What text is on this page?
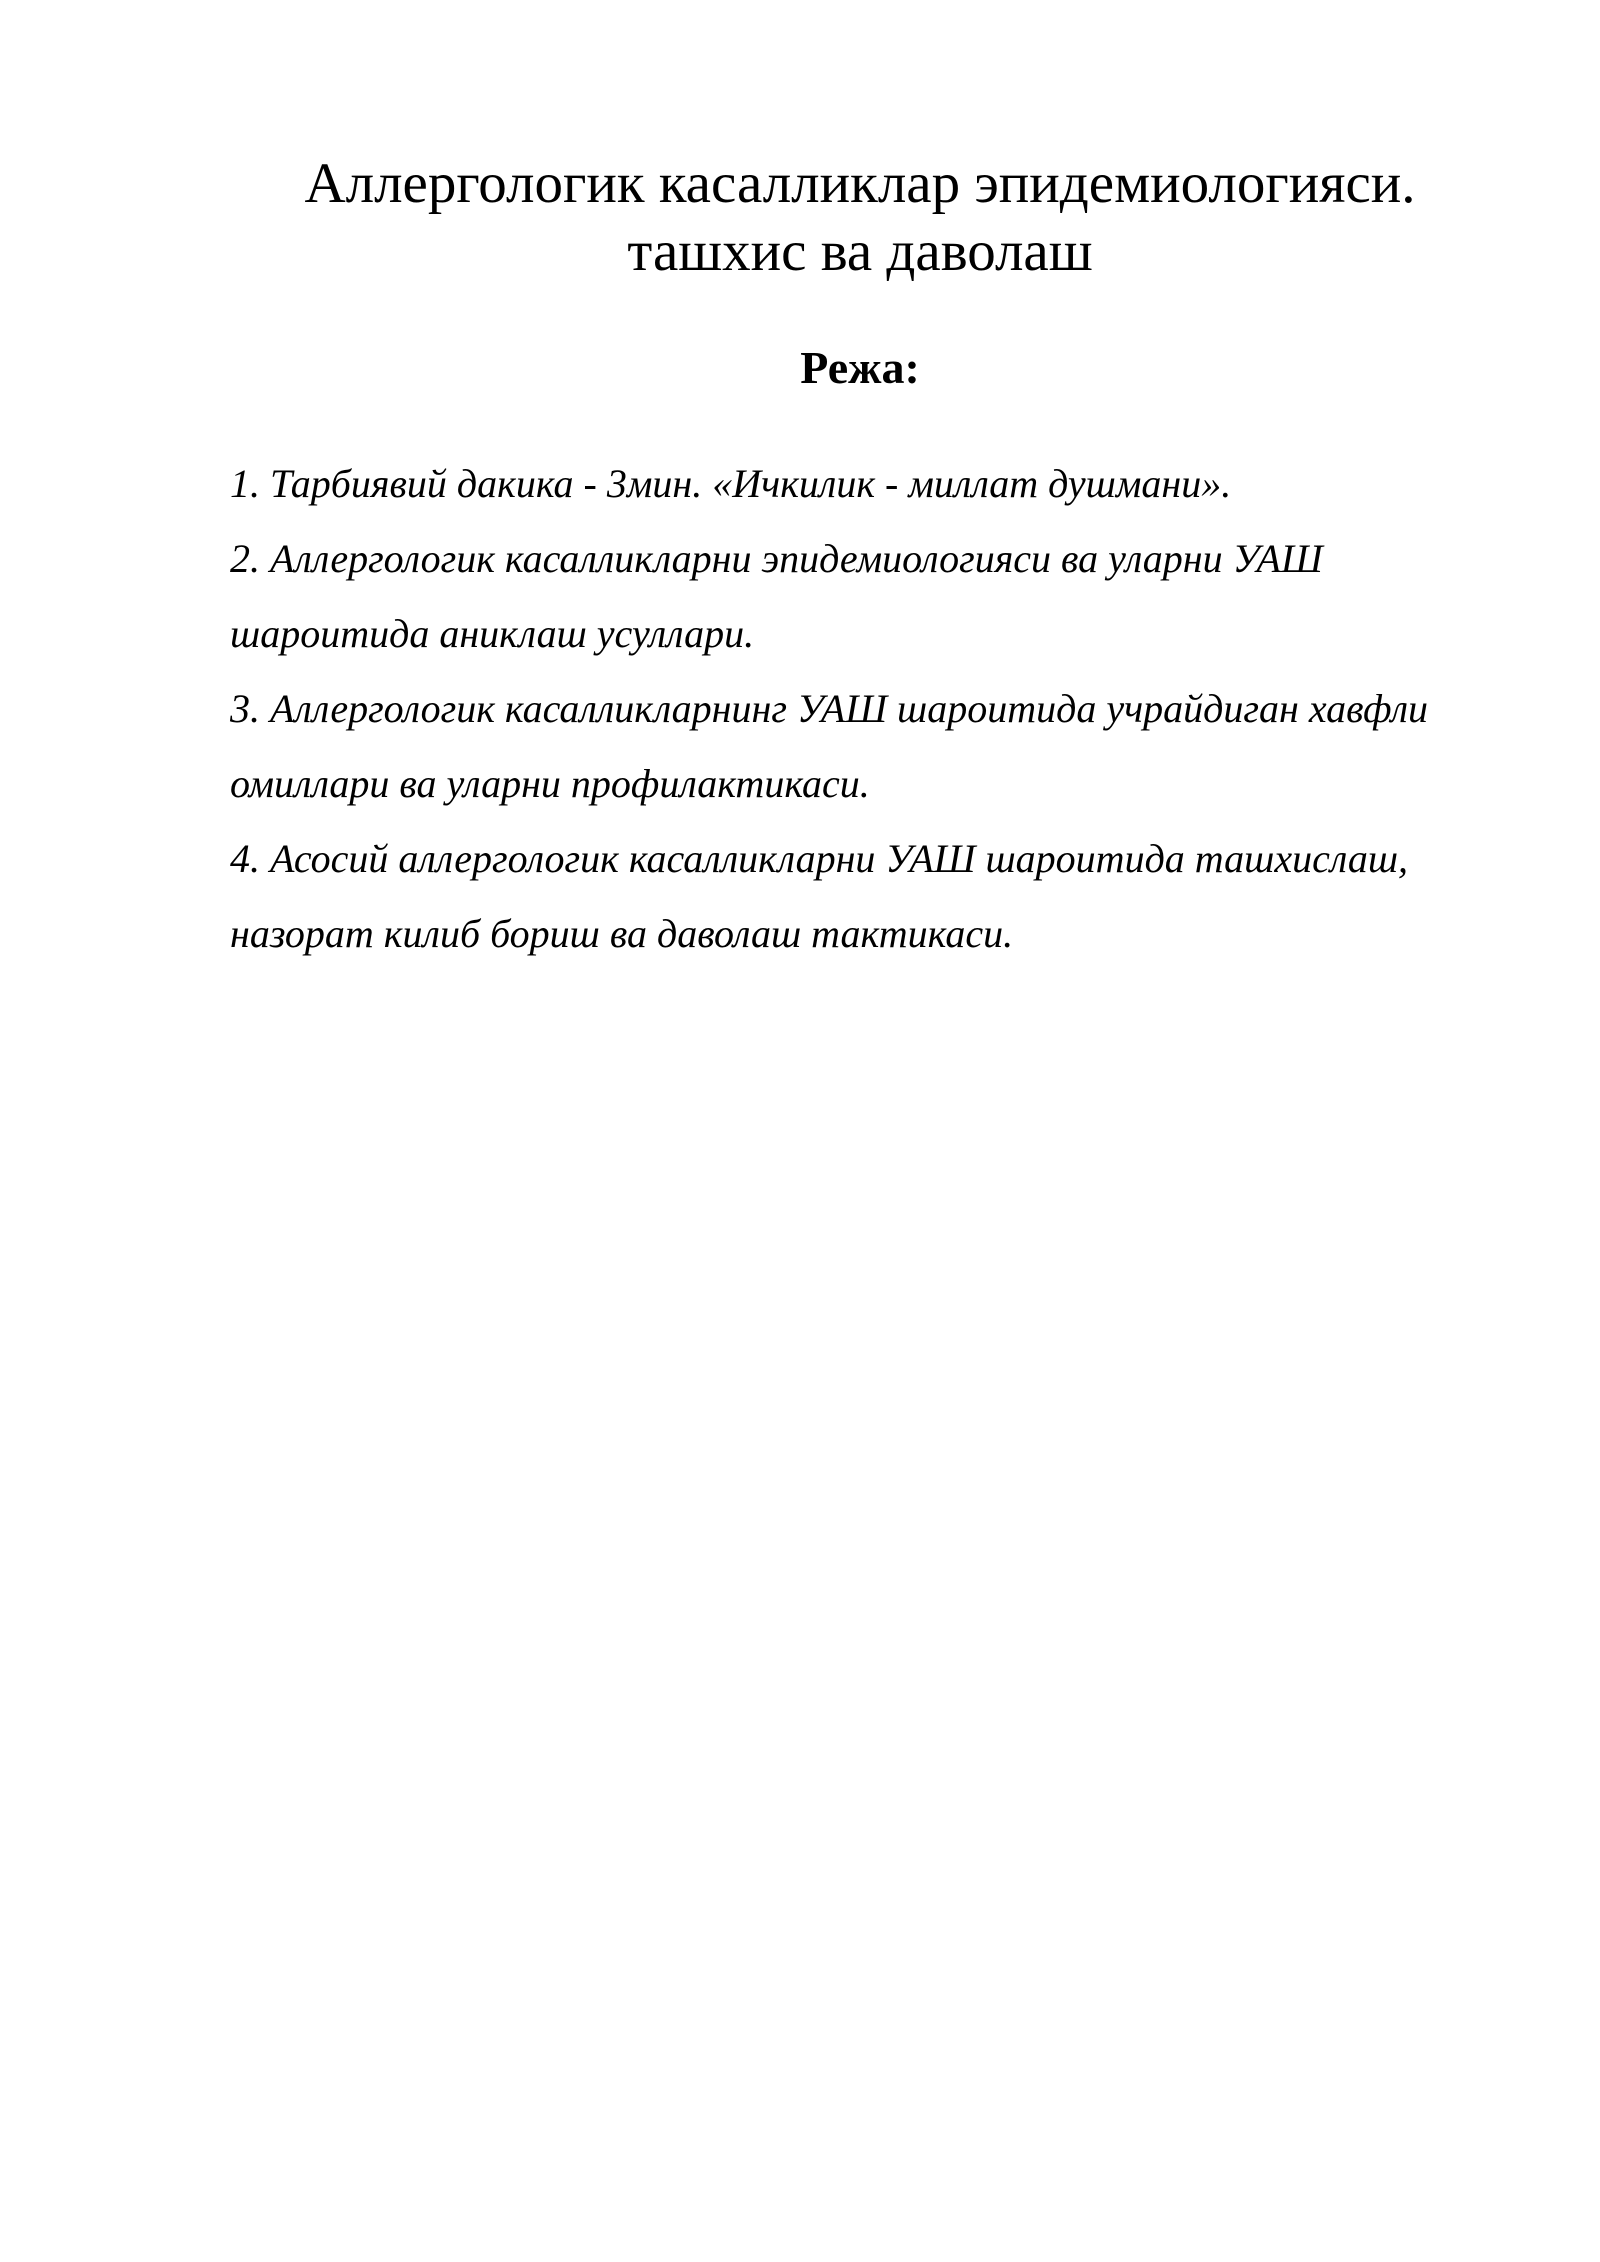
Аллергологик касалликлар эпидемиологияси.
ташхис ва даволаш
Режа:
1. Тарбиявий дакика - 3мин. «Ичкилик - миллат душмани».
2. Аллергологик касалликларни эпидемиологияси ва уларни УАШ шароитида аниклаш усуллари.
3. Аллергологик касалликларнинг УАШ шароитида учрайдиган хавфли омиллари ва уларни профилактикаси.
4. Асосий аллергологик касалликларни УАШ шароитида ташхислаш, назорат килиб бориш ва даволаш тактикаси.
